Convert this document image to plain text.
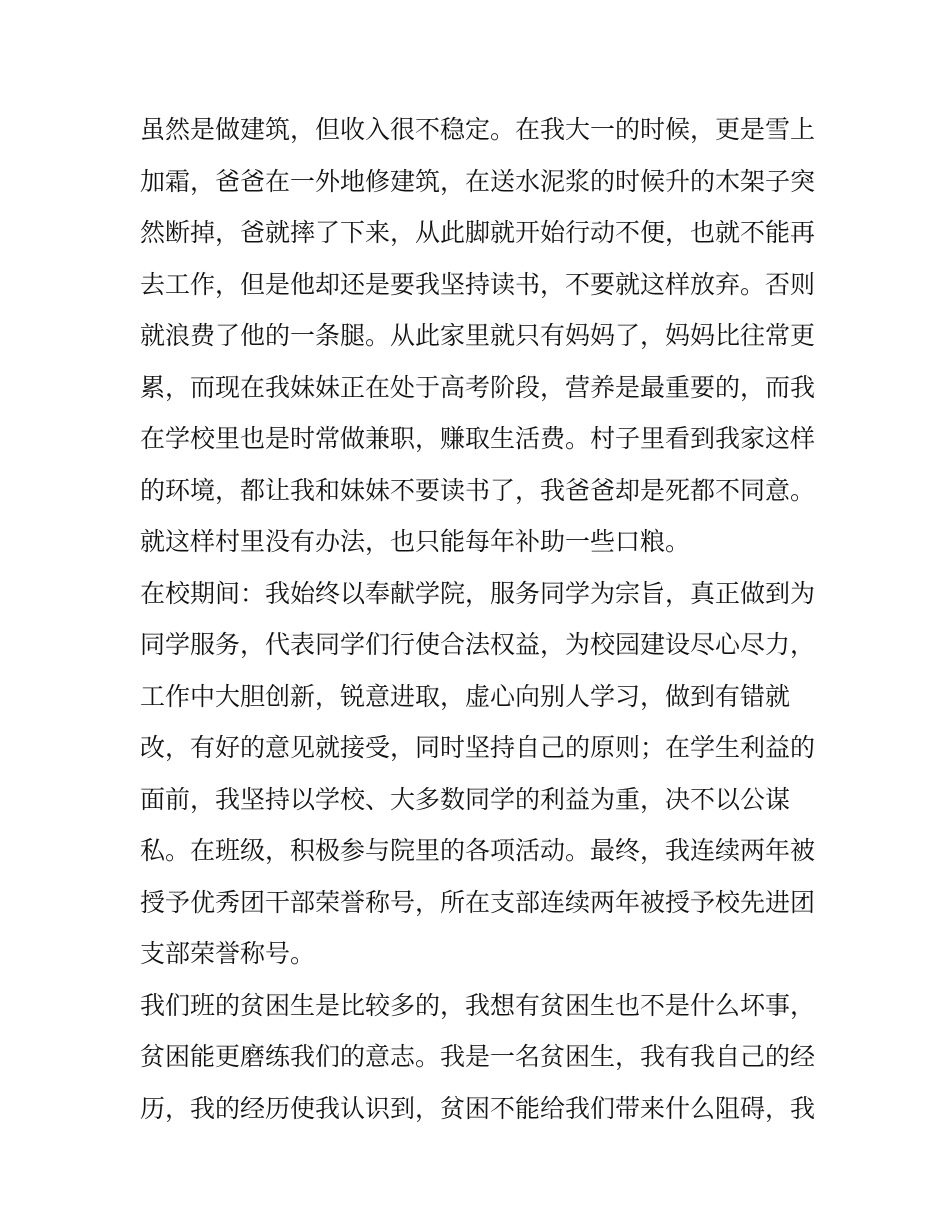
虽然是做建筑，但收入很不稳定。在我大一的时候，更是雪上
加霜，爸爸在一外地修建筑，在送水泥浆的时候升的木架子突
然断掉，爸就摔了下来，从此脚就开始行动不便，也就不能再
去工作，但是他却还是要我坚持读书，不要就这样放弃。否则
就浪费了他的一条腿。从此家里就只有妈妈了，妈妈比往常更
累，而现在我妹妹正在处于高考阶段，营养是最重要的，而我
在学校里也是时常做兼职，赚取生活费。村子里看到我家这样
的环境，都让我和妹妹不要读书了，我爸爸却是死都不同意。
就这样村里没有办法，也只能每年补助一些口粮。
在校期间：我始终以奉献学院，服务同学为宗旨，真正做到为
同学服务，代表同学们行使合法权益，为校园建设尽心尽力，
工作中大胆创新，锐意进取，虚心向别人学习，做到有错就
改，有好的意见就接受，同时坚持自己的原则；在学生利益的
面前，我坚持以学校、大多数同学的利益为重，决不以公谋
私。在班级，积极参与院里的各项活动。最终，我连续两年被
授予优秀团干部荣誉称号，所在支部连续两年被授予校先进团
支部荣誉称号。
我们班的贫困生是比较多的，我想有贫困生也不是什么坏事，
贫困能更磨练我们的意志。我是一名贫困生，我有我自己的经
历，我的经历使我认识到，贫困不能给我们带来什么阻碍，我
